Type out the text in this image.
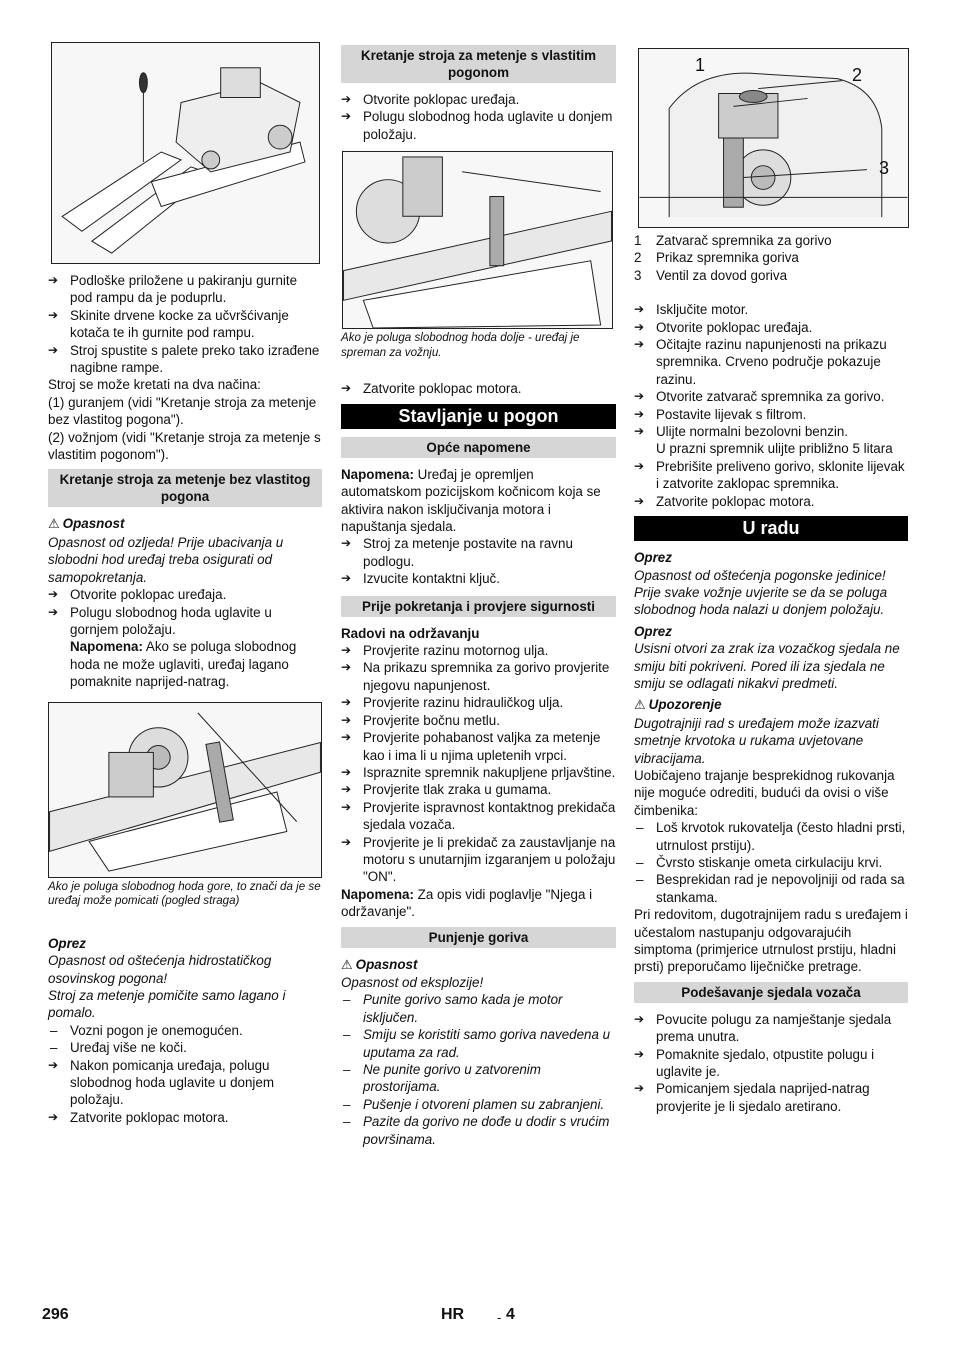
➔ Podloške priložene u pakiranju gurnite pod rampu da je poduprlu.

➔ Skinite drvene kocke za učvršćivanje kotača te ih gurnite pod rampu.

➔ Stroj spustite s palete preko tako izrađene nagibne rampe.

Stroj se može kretati na dva načina:

(1) guranjem (vidi "Kretanje stroja za metenje bez vlastitog pogona").

(2) vožnjom (vidi "Kretanje stroja za metenje s vlastitim pogonom").

Kretanje stroja za metenje bez vlastitog pogona

⚠ Opasnost

Opasnost od ozljeda! Prije ubacivanja u slobodni hod uređaj treba osigurati od samopokretanja.

➔ Otvorite poklopac uređaja.

➔ Polugu slobodnog hoda uglavite u gornjem položaju.

Napomena: Ako se poluga slobodnog hoda ne može uglaviti, uređaj lagano pomaknite naprijed-natrag.

Ako je poluga slobodnog hoda gore, to znači da je se uređaj može pomicati (pogled straga)

Oprez

Opasnost od oštećenja hidrostatičkog osovinskog pogona!

Stroj za metenje pomičite samo lagano i pomalo.

– Vozni pogon je onemogućen.

– Uređaj više ne koči.

➔ Nakon pomicanja uređaja, polugu slobodnog hoda uglavite u donjem položaju.

➔ Zatvorite poklopac motora.

Kretanje stroja za metenje s vlastitim pogonom

➔ Otvorite poklopac uređaja.

➔ Polugu slobodnog hoda uglavite u donjem položaju.

Ako je poluga slobodnog hoda dolje - uređaj je spreman za vožnju.

➔ Zatvorite poklopac motora.

Stavljanje u pogon
Opće napomene

Napomena: Uređaj je opremljen automatskom pozicijskom kočnicom koja se aktivira nakon isključivanja motora i napuštanja sjedala.

➔ Stroj za metenje postavite na ravnu podlogu.

➔ Izvucite kontaktni ključ.

Prije pokretanja i provjere sigurnosti

Radovi na održavanju

➔ Provjerite razinu motornog ulja.

➔ Na prikazu spremnika za gorivo provjerite njegovu napunjenost.

➔ Provjerite razinu hidrauličkog ulja.

➔ Provjerite bočnu metlu.

➔ Provjerite pohabanost valjka za metenje kao i ima li u njima upletenih vrpci.

➔ Ispraznite spremnik nakupljene prljavštine.

➔ Provjerite tlak zraka u gumama.

➔ Provjerite ispravnost kontaktnog prekidača sjedala vozača.

➔ Provjerite je li prekidač za zaustavljanje na motoru s unutarnjim izgaranjem u položaju "ON".

Napomena: Za opis vidi poglavlje "Njega i održavanje".

Punjenje goriva

⚠ Opasnost

Opasnost od eksplozije!

– Punite gorivo samo kada je motor isključen.

– Smiju se koristiti samo goriva navedena u uputama za rad.

– Ne punite gorivo u zatvorenim prostorijama.

– Pušenje i otvoreni plamen su zabranjeni.

– Pazite da gorivo ne dođe u dodir s vrućim površinama.

1	2
3

1 Zatvarač spremnika za gorivo

2 Prikaz spremnika goriva

3 Ventil za dovod goriva

➔ Isključite motor.

➔ Otvorite poklopac uređaja.

➔ Očitajte razinu napunjenosti na prikazu spremnika. Crveno područje pokazuje razinu.

➔ Otvorite zatvarač spremnika za gorivo.

➔ Postavite lijevak s filtrom.

➔ Ulijte normalni bezolovni benzin.

U prazni spremnik ulijte približno 5 litara

➔ Prebrišite preliveno gorivo, sklonite lijevak i zatvorite zaklopac spremnika.

➔ Zatvorite poklopac motora.

U radu

Oprez

Opasnost od oštećenja pogonske jedinice! Prije svake vožnje uvjerite se da se poluga slobodnog hoda nalazi u donjem položaju.

Oprez

Usisni otvori za zrak iza vozačkog sjedala ne smiju biti pokriveni. Pored ili iza sjedala ne smiju se odlagati nikakvi predmeti.

⚠ Upozorenje

Dugotrajniji rad s uređajem može izazvati smetnje krvotoka u rukama uvjetovane vibracijama.

Uobičajeno trajanje besprekidnog rukovanja nije moguće odrediti, budući da ovisi o više čimbenika:

– Loš krvotok rukovatelja (često hladni prsti, utrnulost prstiju).

– Čvrsto stiskanje ometa cirkulaciju krvi.

– Besprekidan rad je nepovoljniji od rada sa stankama.

Pri redovitom, dugotrajnijem radu s uređajem i učestalom nastupanju odgovarajućih simptoma (primjerice utrnulost prstiju, hladni prsti) preporučamo liječničke pretrage.

Podešavanje sjedala vozača

➔ Povucite polugu za namještanje sjedala prema unutra.

➔ Pomaknite sjedalo, otpustite polugu i uglavite je.

➔ Pomicanjem sjedala naprijed-natrag provjerite je li sjedalo aretirano.

296	HR	- 4
